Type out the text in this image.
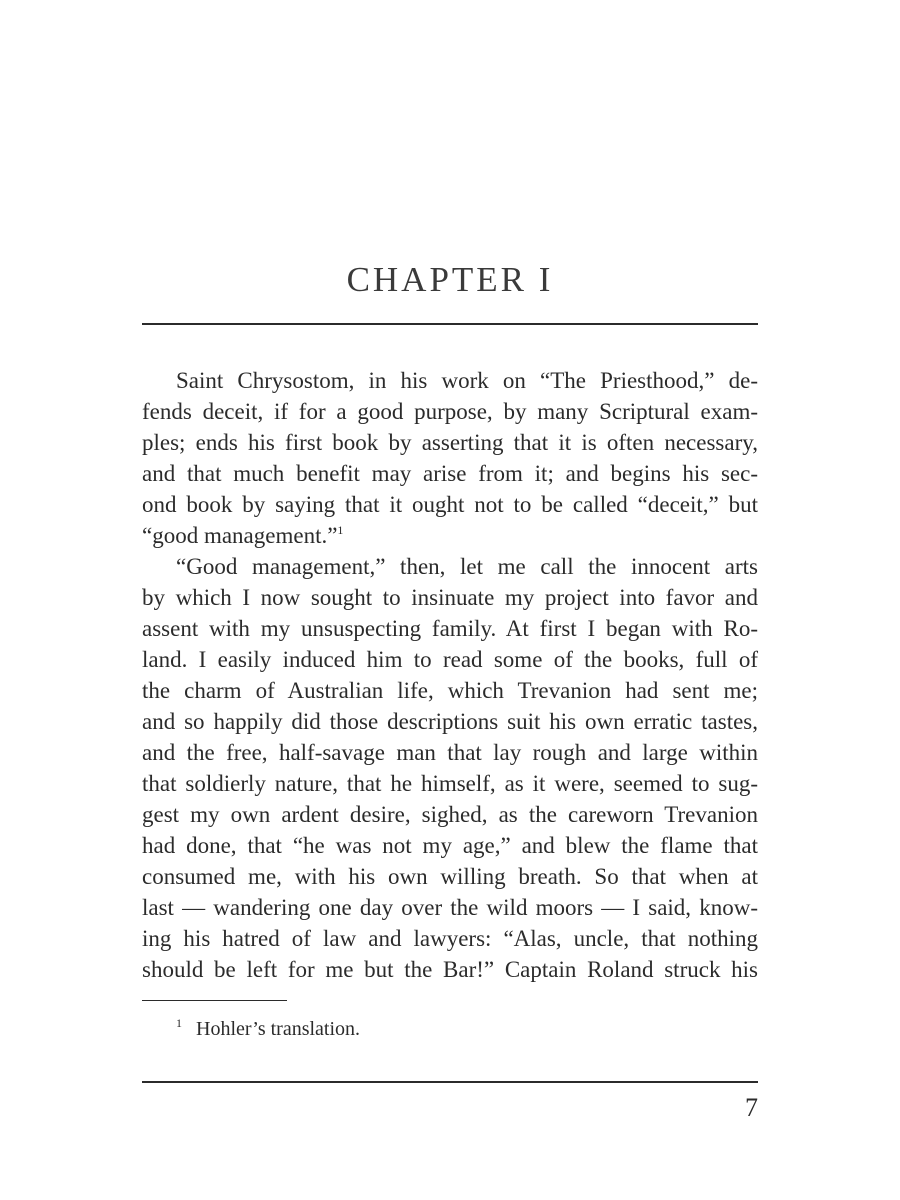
CHAPTER I
Saint Chrysostom, in his work on “The Priesthood,” de-
fends deceit, if for a good purpose, by many Scriptural exam-
ples; ends his first book by asserting that it is often necessary,
and that much benefit may arise from it; and begins his sec-
ond book by saying that it ought not to be called “deceit,” but
“good management.”$^1$
“Good management,” then, let me call the innocent arts
by which I now sought to insinuate my project into favor and
assent with my unsuspecting family. At first I began with Ro-
land. I easily induced him to read some of the books, full of
the charm of Australian life, which Trevanion had sent me;
and so happily did those descriptions suit his own erratic tastes,
and the free, half-savage man that lay rough and large within
that soldierly nature, that he himself, as it were, seemed to sug-
gest my own ardent desire, sighed, as the careworn Trevanion
had done, that “he was not my age,” and blew the flame that
consumed me, with his own willing breath. So that when at
last — wandering one day over the wild moors — I said, know-
ing his hatred of law and lawyers: “Alas, uncle, that nothing
should be left for me but the Bar!” Captain Roland struck his
$^1$ Hohler’s translation.
7
